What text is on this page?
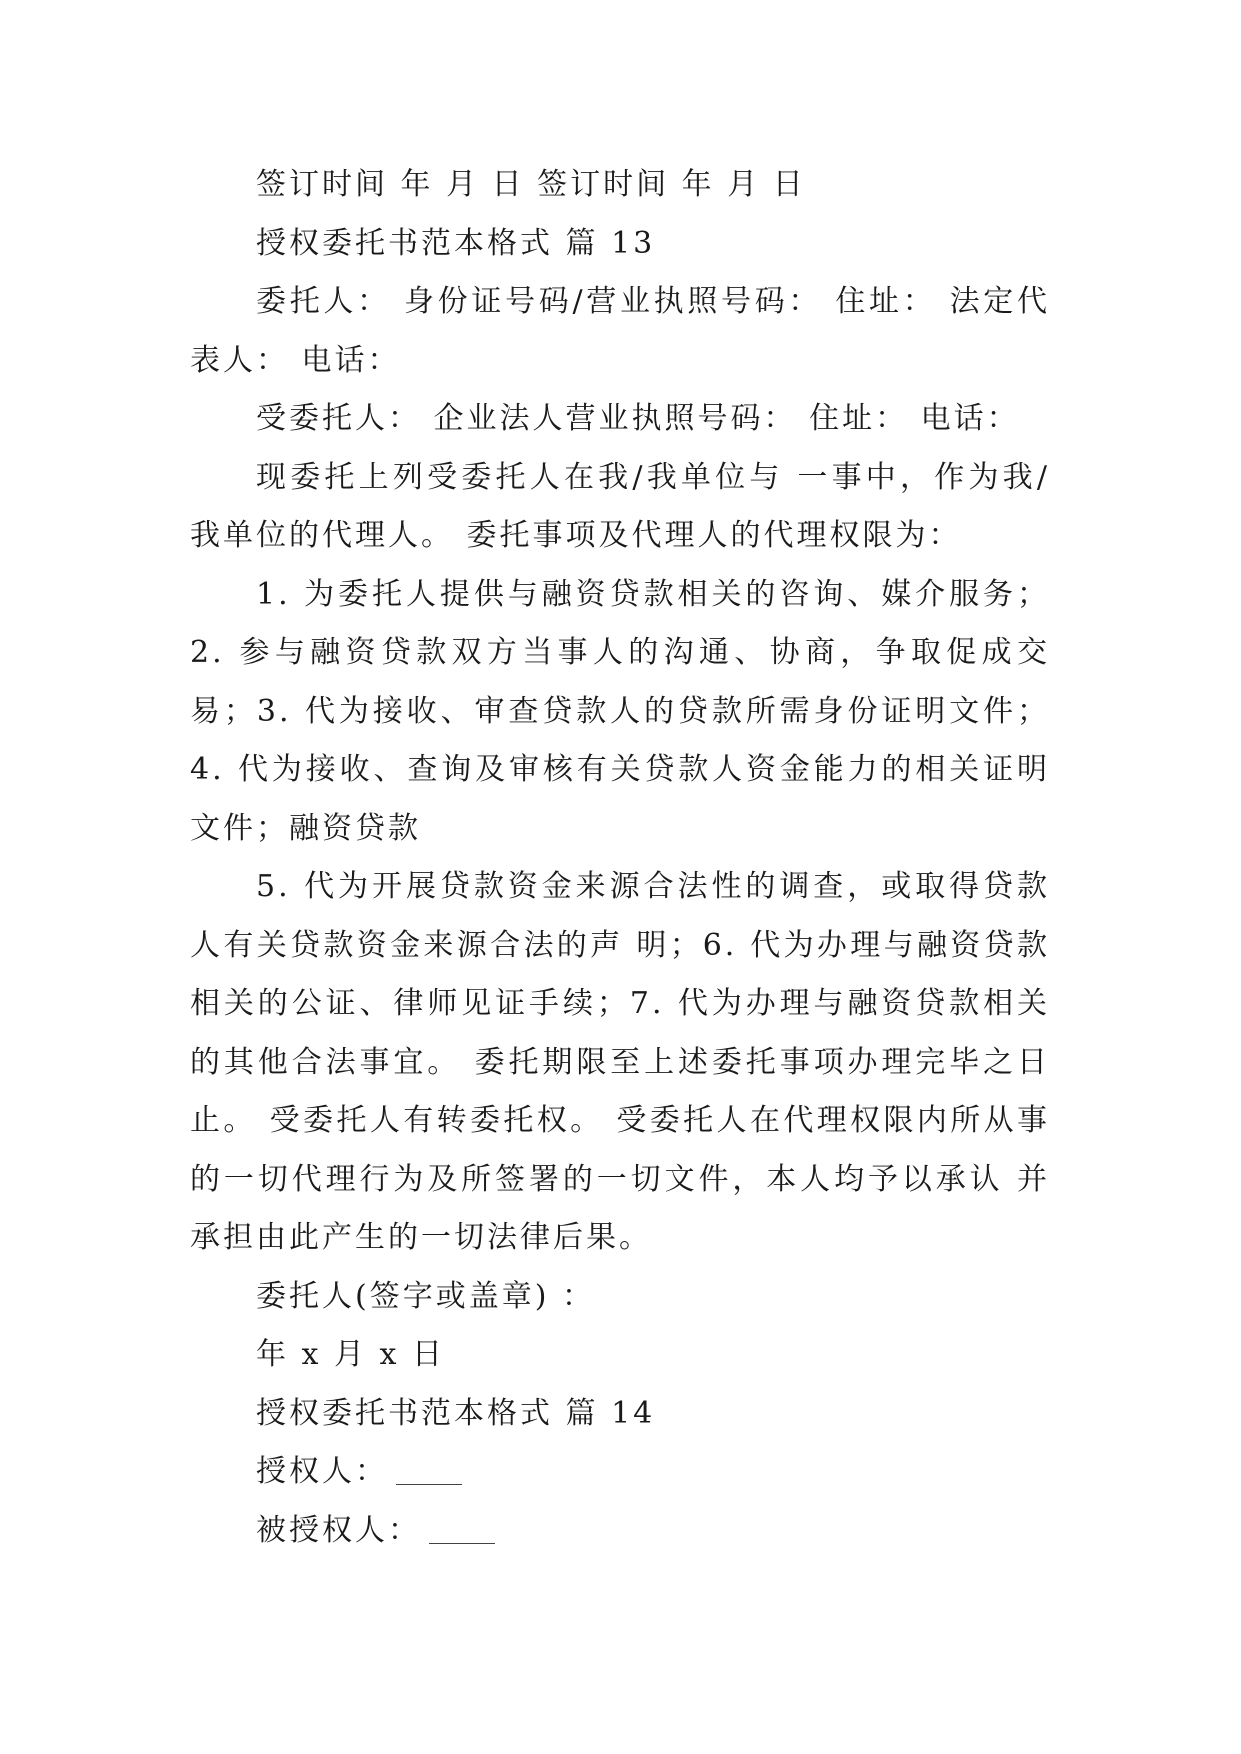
签订时间 年 月 日 签订时间 年 月 日

授权委托书范本格式 篇 13

委托人： 身份证号码/营业执照号码： 住址： 法定代表人： 电话：

受委托人： 企业法人营业执照号码： 住址： 电话：

现委托上列受委托人在我/我单位与 一事中，作为我/我单位的代理人。 委托事项及代理人的代理权限为：

1. 为委托人提供与融资贷款相关的咨询、媒介服务； 2. 参与融资贷款双方当事人的沟通、协商，争取促成交易；3. 代为接收、审查贷款人的贷款所需身份证明文件； 4. 代为接收、查询及审核有关贷款人资金能力的相关证明文件；融资贷款

5. 代为开展贷款资金来源合法性的调查，或取得贷款人有关贷款资金来源合法的声 明；6. 代为办理与融资贷款相关的公证、律师见证手续；7. 代为办理与融资贷款相关的其他合法事宜。 委托期限至上述委托事项办理完毕之日止。 受委托人有转委托权。 受委托人在代理权限内所从事的一切代理行为及所签署的一切文件，本人均予以承认 并承担由此产生的一切法律后果。

委托人(签字或盖章) ：

年 x 月 x 日

授权委托书范本格式 篇 14

授权人：

被授权人：
